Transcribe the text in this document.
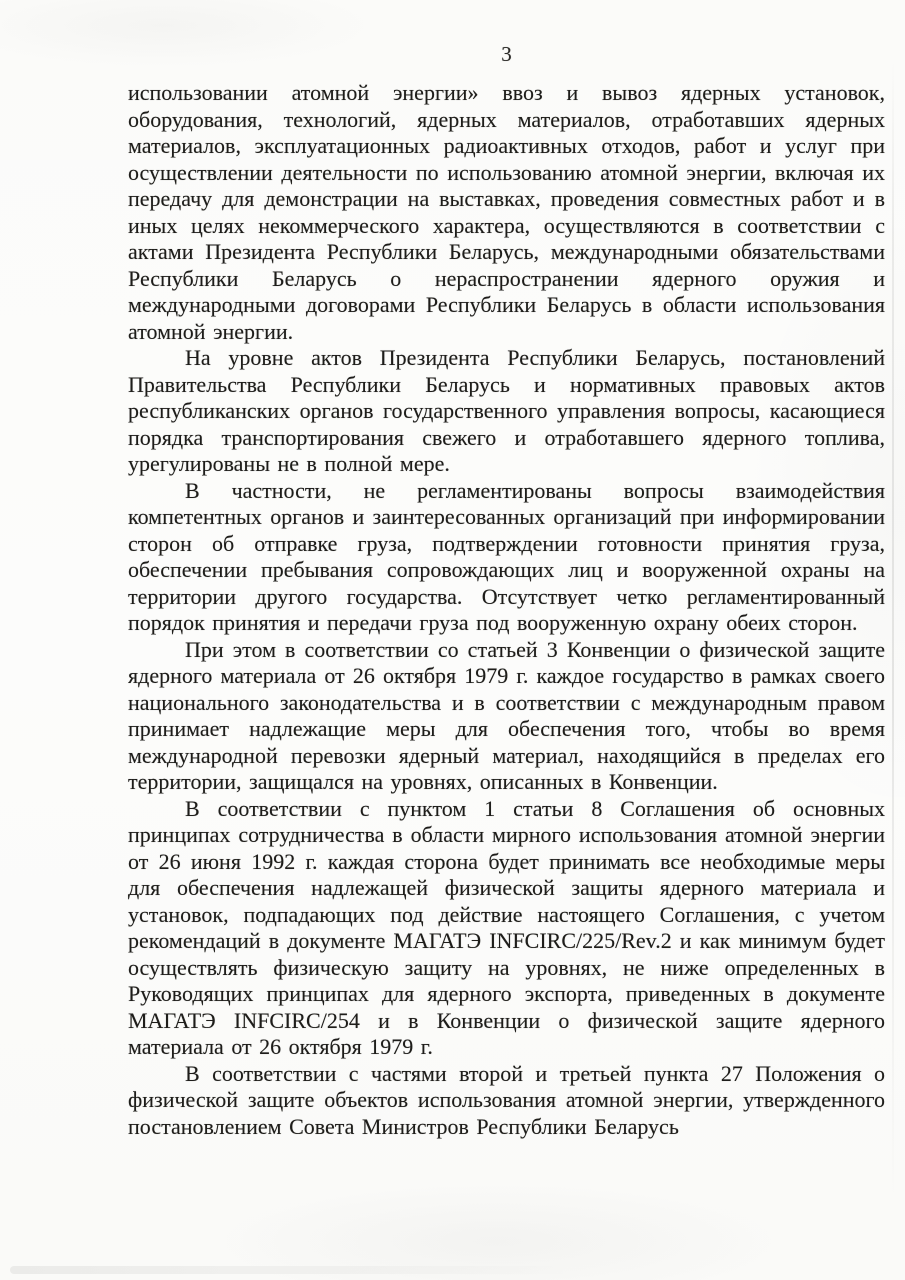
3

использовании атомной энергии» ввоз и вывоз ядерных установок, оборудования, технологий, ядерных материалов, отработавших ядерных материалов, эксплуатационных радиоактивных отходов, работ и услуг при осуществлении деятельности по использованию атомной энергии, включая их передачу для демонстрации на выставках, проведения совместных работ и в иных целях некоммерческого характера, осуществляются в соответствии с актами Президента Республики Беларусь, международными обязательствами Республики Беларусь о нераспространении ядерного оружия и международными договорами Республики Беларусь в области использования атомной энергии.

На уровне актов Президента Республики Беларусь, постановлений Правительства Республики Беларусь и нормативных правовых актов республиканских органов государственного управления вопросы, касающиеся порядка транспортирования свежего и отработавшего ядерного топлива, урегулированы не в полной мере.

В частности, не регламентированы вопросы взаимодействия компетентных органов и заинтересованных организаций при информировании сторон об отправке груза, подтверждении готовности принятия груза, обеспечении пребывания сопровождающих лиц и вооруженной охраны на территории другого государства. Отсутствует четко регламентированный порядок принятия и передачи груза под вооруженную охрану обеих сторон.

При этом в соответствии со статьей 3 Конвенции о физической защите ядерного материала от 26 октября 1979 г. каждое государство в рамках своего национального законодательства и в соответствии с международным правом принимает надлежащие меры для обеспечения того, чтобы во время международной перевозки ядерный материал, находящийся в пределах его территории, защищался на уровнях, описанных в Конвенции.

В соответствии с пунктом 1 статьи 8 Соглашения об основных принципах сотрудничества в области мирного использования атомной энергии от 26 июня 1992 г. каждая сторона будет принимать все необходимые меры для обеспечения надлежащей физической защиты ядерного материала и установок, подпадающих под действие настоящего Соглашения, с учетом рекомендаций в документе МАГАТЭ INFCIRC/225/Rev.2 и как минимум будет осуществлять физическую защиту на уровнях, не ниже определенных в Руководящих принципах для ядерного экспорта, приведенных в документе МАГАТЭ INFCIRC/254 и в Конвенции о физической защите ядерного материала от 26 октября 1979 г.

В соответствии с частями второй и третьей пункта 27 Положения о физической защите объектов использования атомной энергии, утвержденного постановлением Совета Министров Республики Беларусь
